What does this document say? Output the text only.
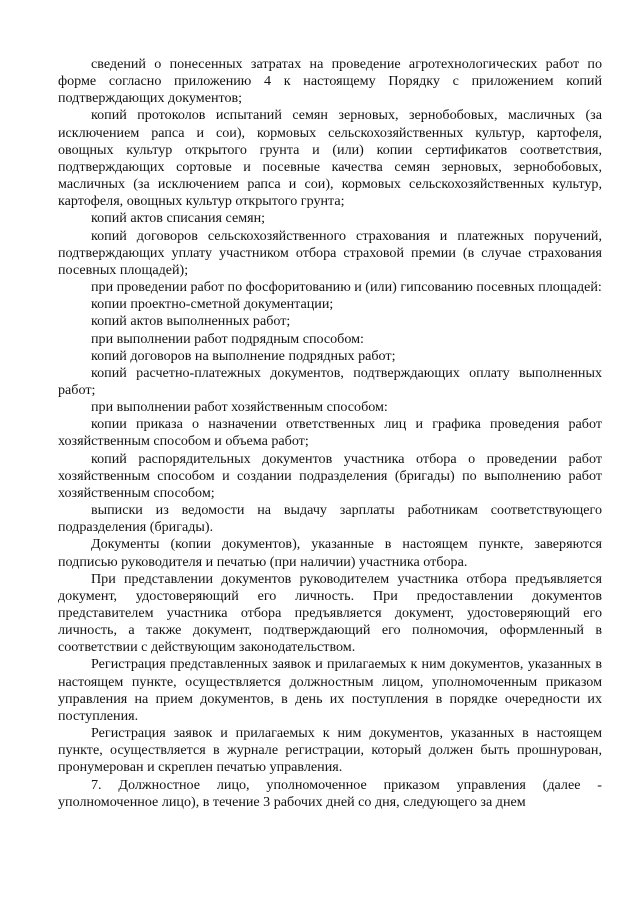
сведений о понесенных затратах на проведение агротехнологических работ по форме согласно приложению 4 к настоящему Порядку с приложением копий подтверждающих документов;

копий протоколов испытаний семян зерновых, зернобобовых, масличных (за исключением рапса и сои), кормовых сельскохозяйственных культур, картофеля, овощных культур открытого грунта и (или) копии сертификатов соответствия, подтверждающих сортовые и посевные качества семян зерновых, зернобобовых, масличных (за исключением рапса и сои), кормовых сельскохозяйственных культур, картофеля, овощных культур открытого грунта;

копий актов списания семян;

копий договоров сельскохозяйственного страхования и платежных поручений, подтверждающих уплату участником отбора страховой премии (в случае страхования посевных площадей);

при проведении работ по фосфоритованию и (или) гипсованию посевных площадей:

копии проектно-сметной документации;

копий актов выполненных работ;

при выполнении работ подрядным способом:

копий договоров на выполнение подрядных работ;

копий расчетно-платежных документов, подтверждающих оплату выполненных работ;

при выполнении работ хозяйственным способом:

копии приказа о назначении ответственных лиц и графика проведения работ хозяйственным способом и объема работ;

копий распорядительных документов участника отбора о проведении работ хозяйственным способом и создании подразделения (бригады) по выполнению работ хозяйственным способом;

выписки из ведомости на выдачу зарплаты работникам соответствующего подразделения (бригады).

Документы (копии документов), указанные в настоящем пункте, заверяются подписью руководителя и печатью (при наличии) участника отбора.

При представлении документов руководителем участника отбора предъявляется документ, удостоверяющий его личность. При предоставлении документов представителем участника отбора предъявляется документ, удостоверяющий его личность, а также документ, подтверждающий его полномочия, оформленный в соответствии с действующим законодательством.

Регистрация представленных заявок и прилагаемых к ним документов, указанных в настоящем пункте, осуществляется должностным лицом, уполномоченным приказом управления на прием документов, в день их поступления в порядке очередности их поступления.

Регистрация заявок и прилагаемых к ним документов, указанных в настоящем пункте, осуществляется в журнале регистрации, который должен быть прошнурован, пронумерован и скреплен печатью управления.

7. Должностное лицо, уполномоченное приказом управления (далее - уполномоченное лицо), в течение 3 рабочих дней со дня, следующего за днем
